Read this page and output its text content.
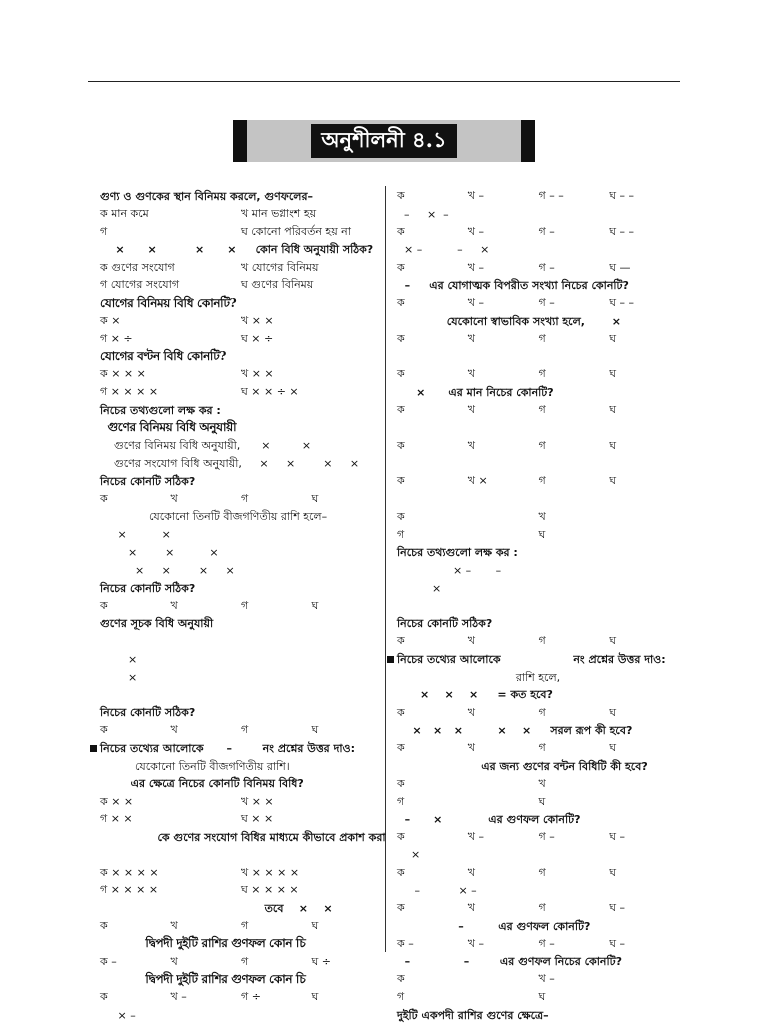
অনুশীলনী ৪.১
গুণ্য ও গুণকের স্থান বিনিময় করলে, গুণফলের–
ক মান কমে	খ মান ভগ্নাংশ হয়
গ	ঘ কোনো পরিবর্তন হয় না
×      ×          ×      ×     কোন বিধি অনুযায়ী সঠিক?
ক গুণের সংযোগ	খ যোগের বিনিময়
গ যোগের সংযোগ	ঘ গুণের বিনিময়
যোগের বিনিময় বিধি কোনটি?
ক ×	খ × ×
গ × ÷	ঘ × ÷
যোগের বণ্টন বিধি কোনটি?
ক × × ×	খ × ×
গ × × × ×	ঘ × × ÷ ×
নিচের তথ্যগুলো লক্ষ কর :
গুণের বিনিময় বিধি অনুযায়ী
গুণের বিনিময় বিধি অনুযায়ী,      ×         ×
গুণের সংযোগ বিধি অনুযায়ী,     ×     ×        ×     ×
নিচের কোনটি সঠিক?
ক	খ	গ	ঘ
যেকোনো তিনটি বীজগণিতীয় রাশি হলে–
×          ×
×        ×          ×
×     ×        ×     ×
নিচের কোনটি সঠিক?
ক	খ	গ	ঘ
গুণের সূচক বিধি অনুযায়ী
×
×
নিচের কোনটি সঠিক?
ক	খ	গ	ঘ
নিচের তথ্যের আলোকে      –        নং প্রশ্নের উত্তর দাও:
যেকোনো তিনটি বীজগণিতীয় রাশি।
এর ক্ষেত্রে নিচের কোনটি বিনিময় বিধি?
ক × ×	খ × ×
গ × ×	ঘ × ×
কে গুণের সংযোগ বিধির মাধ্যমে কীভাবে প্রকাশ করা
ক × × × ×	খ × × × ×
গ × × × ×	ঘ × × × ×
তবে    ×    ×
ক	খ	গ	ঘ
দ্বিপদী দুইটি রাশির গুণফল কোন চি
ক –	খ	গ	ঘ ÷
দ্বিপদী দুইটি রাশির গুণফল কোন চি
ক	খ –	গ ÷	ঘ
× –
ক	খ –	গ – –	ঘ – –
–     ×  –
ক	খ –	গ –	ঘ – –
× –          –     ×
ক	খ –	গ –	ঘ —
–     এর যোগাত্মক বিপরীত সংখ্যা নিচের কোনটি?
ক	খ –	গ –	ঘ – –
যেকোনো স্বাভাবিক সংখ্যা হলে,       ×
ক	খ	গ	ঘ
ক	খ	গ	ঘ
×      এর মান নিচের কোনটি?
ক	খ	গ	ঘ
ক	খ	গ	ঘ
ক	খ ×	গ	ঘ
ক	খ
গ	ঘ
নিচের তথ্যগুলো লক্ষ কর :
× –       –
×
নিচের কোনটি সঠিক?
ক	খ	গ	ঘ
নিচের তথ্যের আলোকে                   নং প্রশ্নের উত্তর দাও:
রাশি হলে,
×    ×    ×     = কত হবে?
ক	খ	গ	ঘ
×   ×   ×         ×    ×     সরল রূপ কী হবে?
ক	খ	গ	ঘ
এর জন্য গুণের বন্টন বিধিটি কী হবে?
ক	খ
গ	ঘ
–      ×            এর গুণফল কোনটি?
ক	খ –	গ –	ঘ –
×
ক	খ	গ	ঘ
–           × –
ক	খ	গ	ঘ –
–         এর গুণফল কোনটি?
ক –	খ –	গ –	ঘ –
–              –        এর গুণফল নিচের কোনটি?
ক	খ –
গ	ঘ
দুইটি একপদী রাশির গুণের ক্ষেত্রে–
